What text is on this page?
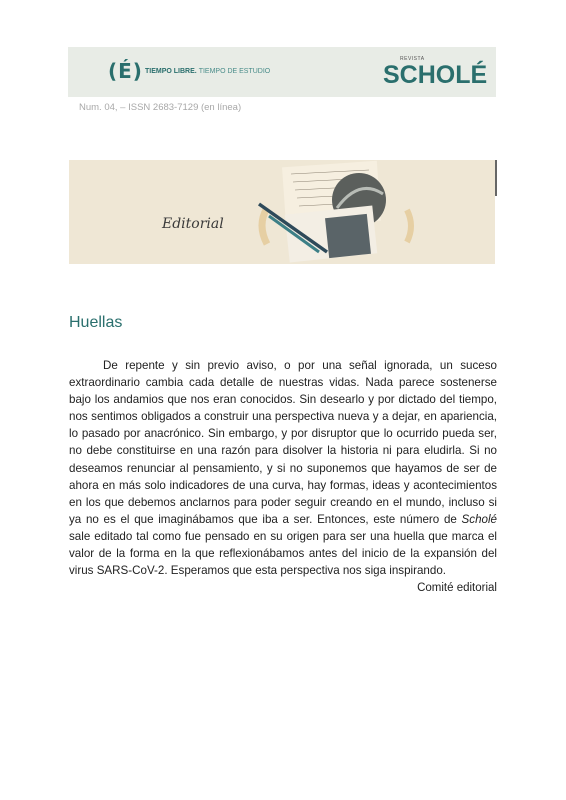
(É) TIEMPO LIBRE. TIEMPO DE ESTUDIO
REVISTA
SCHOLÉ
Num. 04, – ISSN 2683-7129 (en línea)
Editorial
Huellas

De repente y sin previo aviso, o por una señal ignorada, un suceso extraordinario cambia cada detalle de nuestras vidas. Nada parece sostenerse bajo los andamios que nos eran conocidos. Sin desearlo y por dictado del tiempo, nos sentimos obligados a construir una perspectiva nueva y a dejar, en apariencia, lo pasado por anacrónico. Sin embargo, y por disruptor que lo ocurrido pueda ser, no debe constituirse en una razón para disolver la historia ni para eludirla. Si no deseamos renunciar al pensamiento, y si no suponemos que hayamos de ser de ahora en más solo indicadores de una curva, hay formas, ideas y acontecimientos en los que debemos anclarnos para poder seguir creando en el mundo, incluso si ya no es el que imaginábamos que iba a ser. Entonces, este número de Scholé sale editado tal como fue pensado en su origen para ser una huella que marca el valor de la forma en la que reflexionábamos antes del inicio de la expansión del virus SARS-CoV-2. Esperamos que esta perspectiva nos siga inspirando.

Comité editorial
